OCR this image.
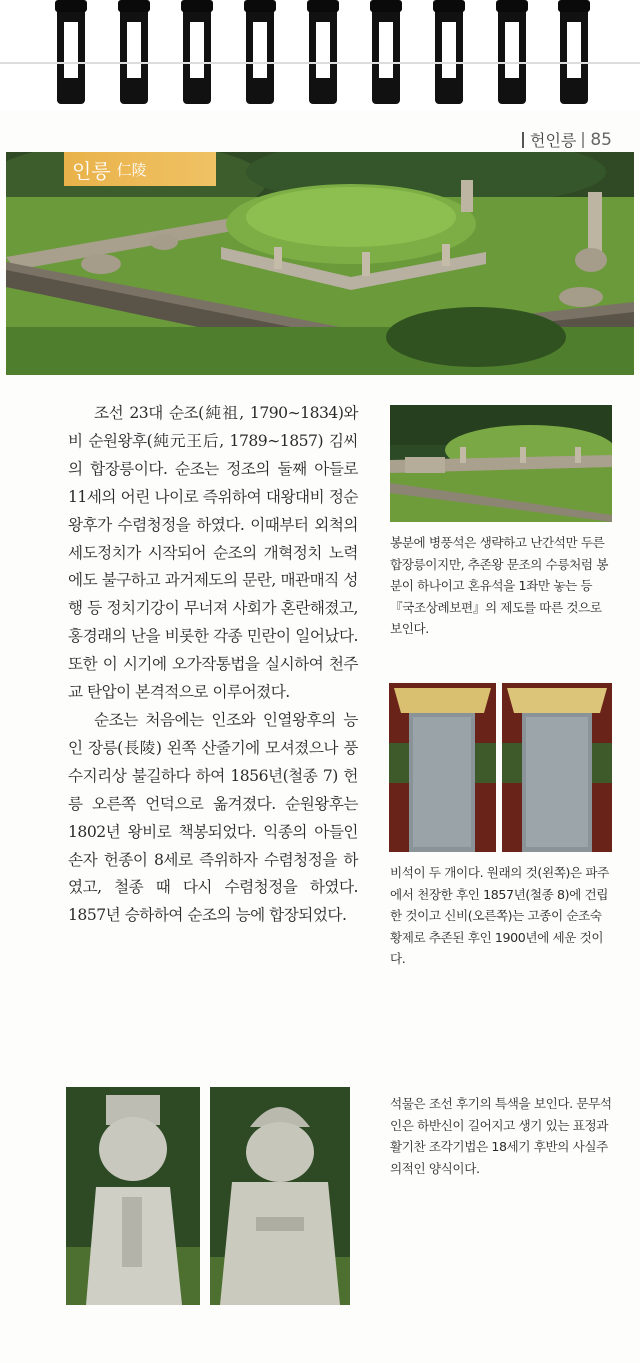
헌인릉 85
인릉 仁陵

조선 23대 순조(純祖, 1790∼1834)와 비 순원왕후(純元王后, 1789∼1857) 김씨의 합장릉이다. 순조는 정조의 둘째 아들로 11세의 어린 나이로 즉위하여 대왕대비 정순왕후가 수렴청정을 하였다. 이때부터 외척의 세도정치가 시작되어 순조의 개혁정치 노력에도 불구하고 과거제도의 문란, 매관매직 성행 등 정치기강이 무너져 사회가 혼란해졌고, 홍경래의 난을 비롯한 각종 민란이 일어났다. 또한 이 시기에 오가작통법을 실시하여 천주교 탄압이 본격적으로 이루어졌다.

순조는 처음에는 인조와 인열왕후의 능인 장릉(長陵) 왼쪽 산줄기에 모셔졌으나 풍수지리상 불길하다 하여 1856년(철종 7) 헌릉 오른쪽 언덕으로 옮겨졌다. 순원왕후는 1802년 왕비로 책봉되었다. 익종의 아들인 손자 헌종이 8세로 즉위하자 수렴청정을 하였고, 철종 때 다시 수렴청정을 하였다. 1857년 승하하여 순조의 능에 합장되었다.

봉분에 병풍석은 생략하고 난간석만 두른 합장릉이지만, 추존왕 문조의 수릉처럼 봉분이 하나이고 혼유석을 1좌만 놓는 등 『국조상례보편』의 제도를 따른 것으로 보인다.
비석이 두 개이다. 원래의 것(왼쪽)은 파주에서 천장한 후인 1857년(철종 8)에 건립한 것이고 신비(오른쪽)는 고종이 순조숙황제로 추존된 후인 1900년에 세운 것이다.
석물은 조선 후기의 특색을 보인다. 문무석인은 하반신이 길어지고 생기 있는 표정과 활기찬 조각기법은 18세기 후반의 사실주의적인 양식이다.
